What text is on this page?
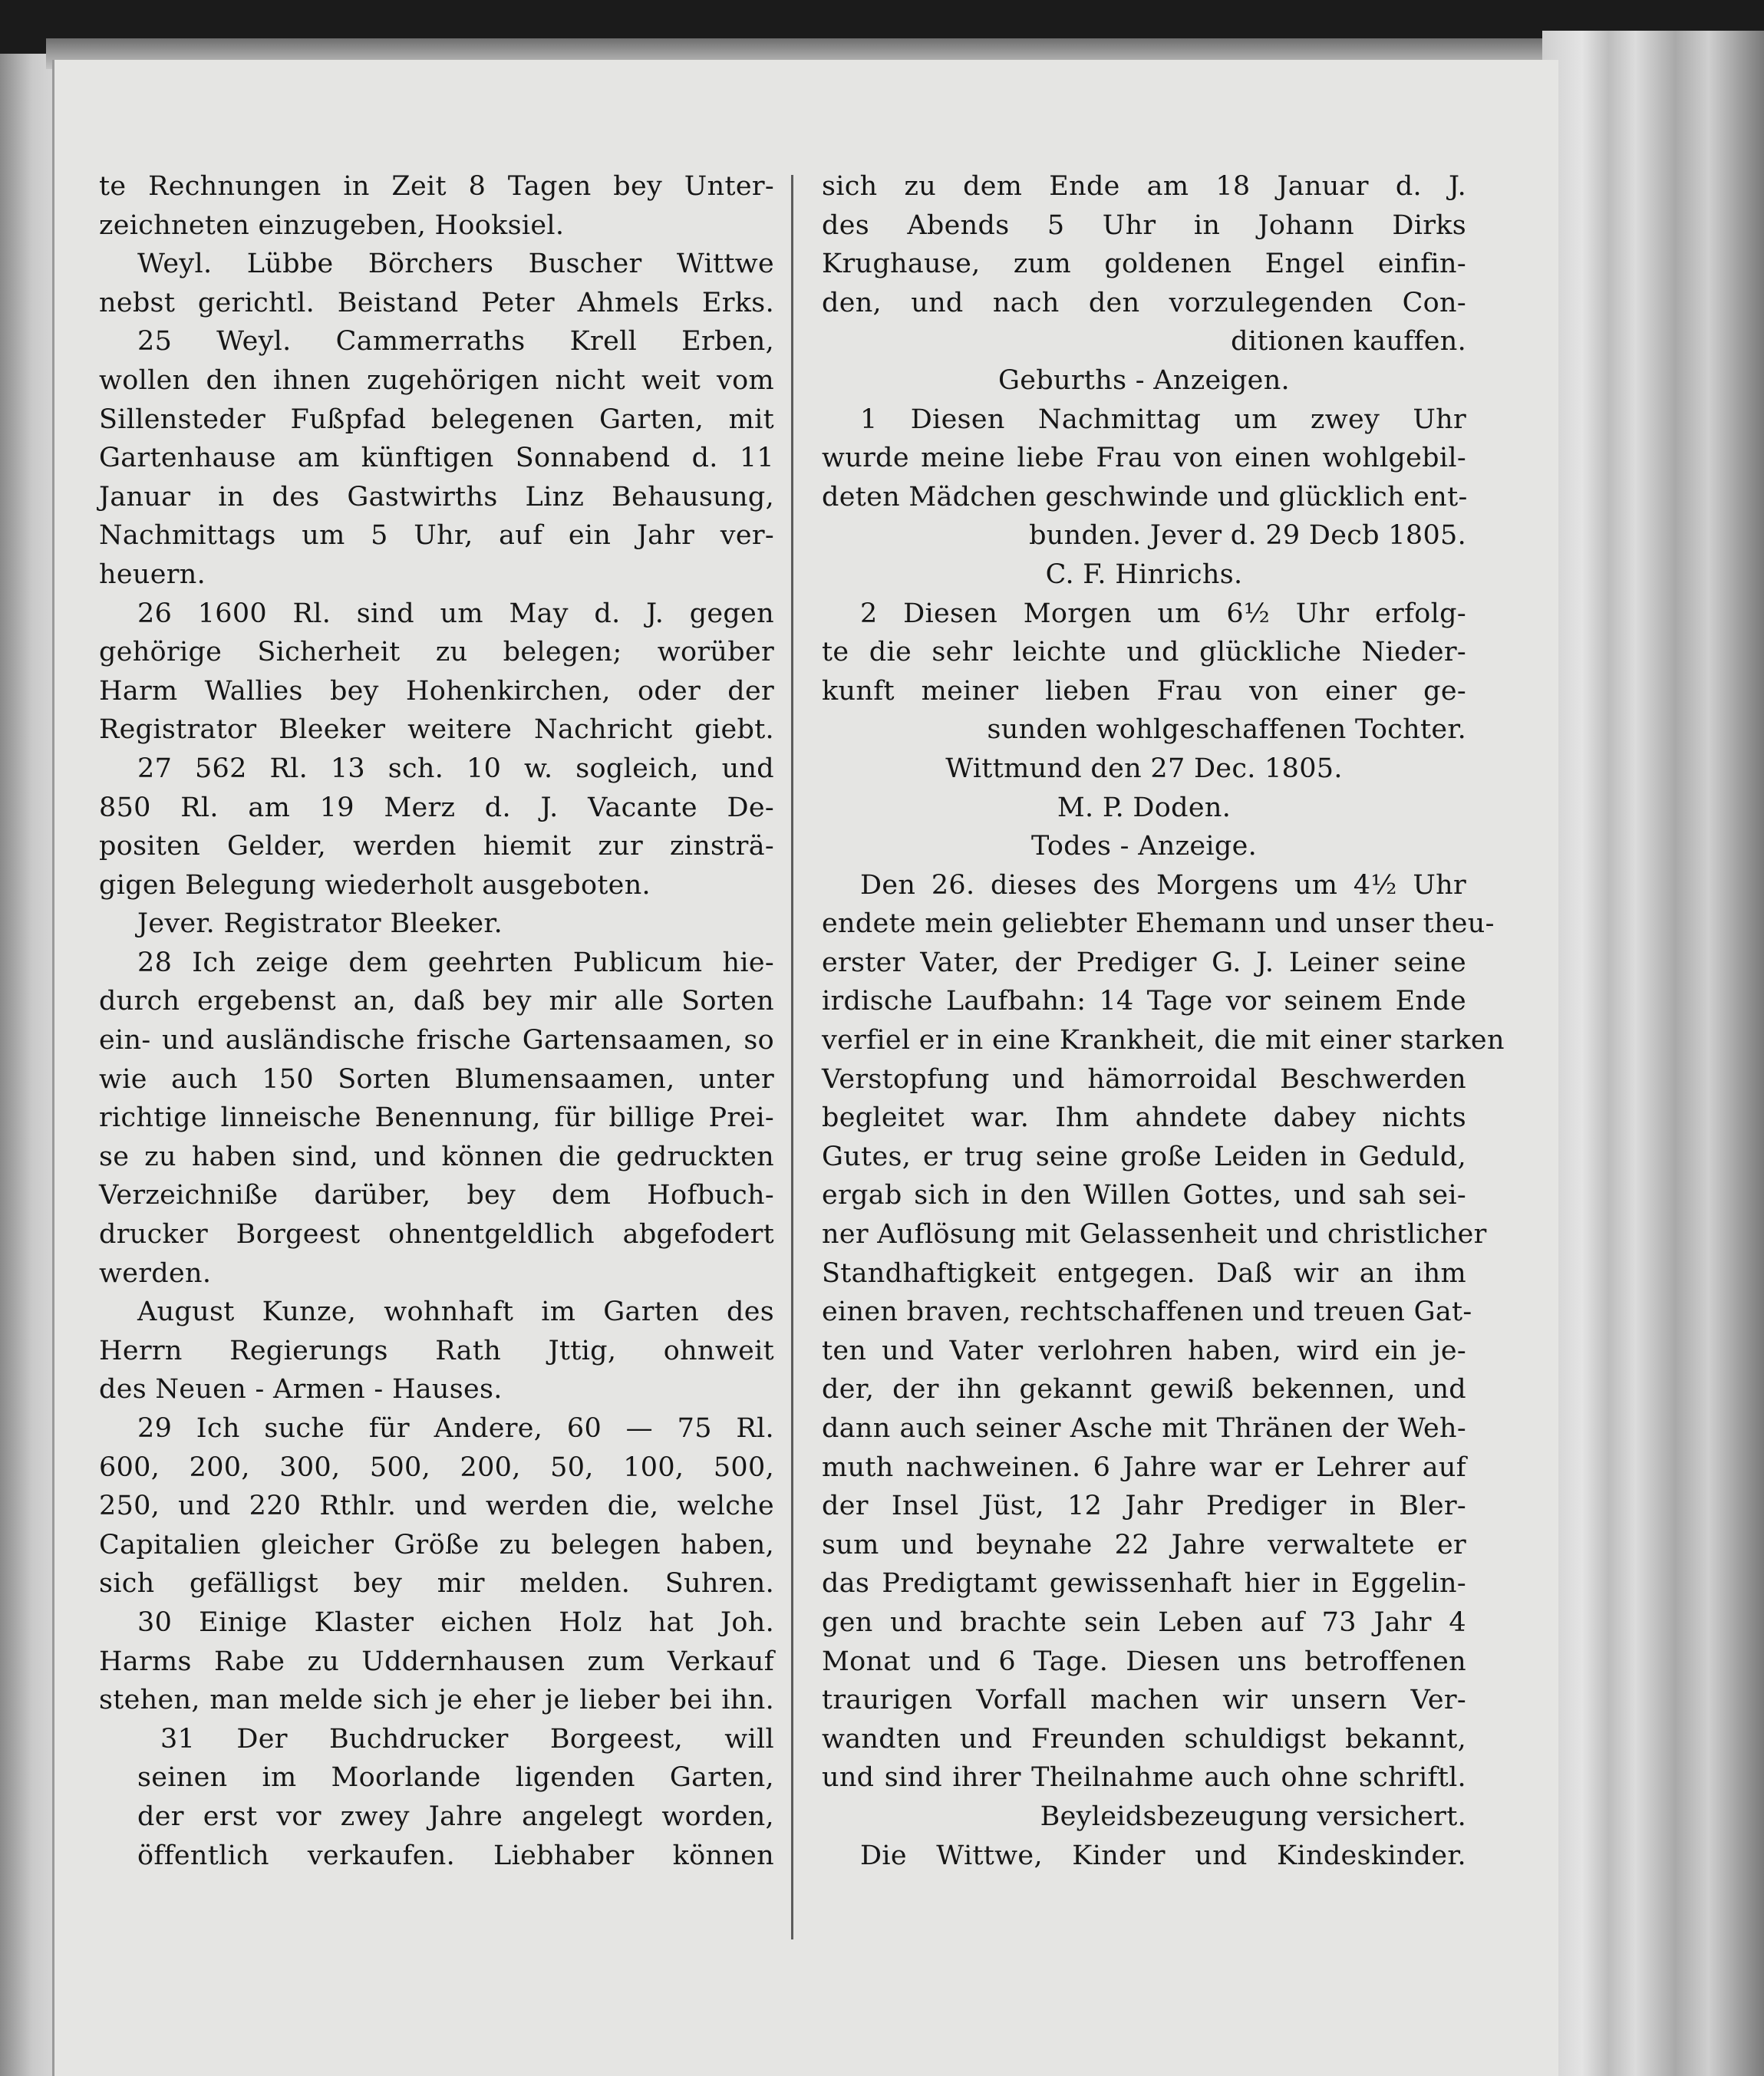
te Rechnungen in Zeit 8 Tagen bey Unter-
zeichneten einzugeben, Hooksiel.
Weyl. Lübbe Börchers Buscher Wittwe
nebst gerichtl. Beistand Peter Ahmels Erks.
25 Weyl. Cammerraths Krell Erben,
wollen den ihnen zugehörigen nicht weit vom
Sillensteder Fußpfad belegenen Garten, mit
Gartenhause am künftigen Sonnabend d. 11
Januar in des Gastwirths Linz Behausung,
Nachmittags um 5 Uhr, auf ein Jahr ver-
heuern.
26 1600 Rl. sind um May d. J. gegen
gehörige Sicherheit zu belegen; worüber
Harm Wallies bey Hohenkirchen, oder der
Registrator Bleeker weitere Nachricht giebt.
27 562 Rl. 13 sch. 10 w. sogleich, und
850 Rl. am 19 Merz d. J. Vacante De-
positen Gelder, werden hiemit zur zinsträ-
gigen Belegung wiederholt ausgeboten.
Jever. Registrator Bleeker.
28 Ich zeige dem geehrten Publicum hie-
durch ergebenst an, daß bey mir alle Sorten
ein- und ausländische frische Gartensaamen, so
wie auch 150 Sorten Blumensaamen, unter
richtige linneische Benennung, für billige Prei-
se zu haben sind, und können die gedruckten
Verzeichniße darüber, bey dem Hofbuch-
drucker Borgeest ohnentgeldlich abgefodert
werden.
August Kunze, wohnhaft im Garten des
Herrn Regierungs Rath Jttig, ohnweit
des Neuen - Armen - Hauses.
29 Ich suche für Andere, 60 — 75 Rl.
600, 200, 300, 500, 200, 50, 100, 500,
250, und 220 Rthlr. und werden die, welche
Capitalien gleicher Größe zu belegen haben,
sich gefälligst bey mir melden. Suhren.
30 Einige Klaster eichen Holz hat Joh.
Harms Rabe zu Uddernhausen zum Verkauf
stehen, man melde sich je eher je lieber bei ihn.
31 Der Buchdrucker Borgeest, will
seinen im Moorlande ligenden Garten,
der erst vor zwey Jahre angelegt worden,
öffentlich verkaufen. Liebhaber können
sich zu dem Ende am 18 Januar d. J.
des Abends 5 Uhr in Johann Dirks
Krughause, zum goldenen Engel einfin-
den, und nach den vorzulegenden Con-
ditionen kauffen.
Geburths - Anzeigen.
1 Diesen Nachmittag um zwey Uhr
wurde meine liebe Frau von einen wohlgebil-
deten Mädchen geschwinde und glücklich ent-
bunden. Jever d. 29 Decb 1805.
C. F. Hinrichs.
2 Diesen Morgen um 6½ Uhr erfolg-
te die sehr leichte und glückliche Nieder-
kunft meiner lieben Frau von einer ge-
sunden wohlgeschaffenen Tochter.
Wittmund den 27 Dec. 1805.
M. P. Doden.
Todes - Anzeige.
Den 26. dieses des Morgens um 4½ Uhr
endete mein geliebter Ehemann und unser theu-
erster Vater, der Prediger G. J. Leiner seine
irdische Laufbahn: 14 Tage vor seinem Ende
verfiel er in eine Krankheit, die mit einer starken
Verstopfung und hämorroidal Beschwerden
begleitet war. Ihm ahndete dabey nichts
Gutes, er trug seine große Leiden in Geduld,
ergab sich in den Willen Gottes, und sah sei-
ner Auflösung mit Gelassenheit und christlicher
Standhaftigkeit entgegen. Daß wir an ihm
einen braven, rechtschaffenen und treuen Gat-
ten und Vater verlohren haben, wird ein je-
der, der ihn gekannt gewiß bekennen, und
dann auch seiner Asche mit Thränen der Weh-
muth nachweinen. 6 Jahre war er Lehrer auf
der Insel Jüst, 12 Jahr Prediger in Bler-
sum und beynahe 22 Jahre verwaltete er
das Predigtamt gewissenhaft hier in Eggelin-
gen und brachte sein Leben auf 73 Jahr 4
Monat und 6 Tage. Diesen uns betroffenen
traurigen Vorfall machen wir unsern Ver-
wandten und Freunden schuldigst bekannt,
und sind ihrer Theilnahme auch ohne schriftl.
Beyleidsbezeugung versichert.
Die Wittwe, Kinder und Kindeskinder.
